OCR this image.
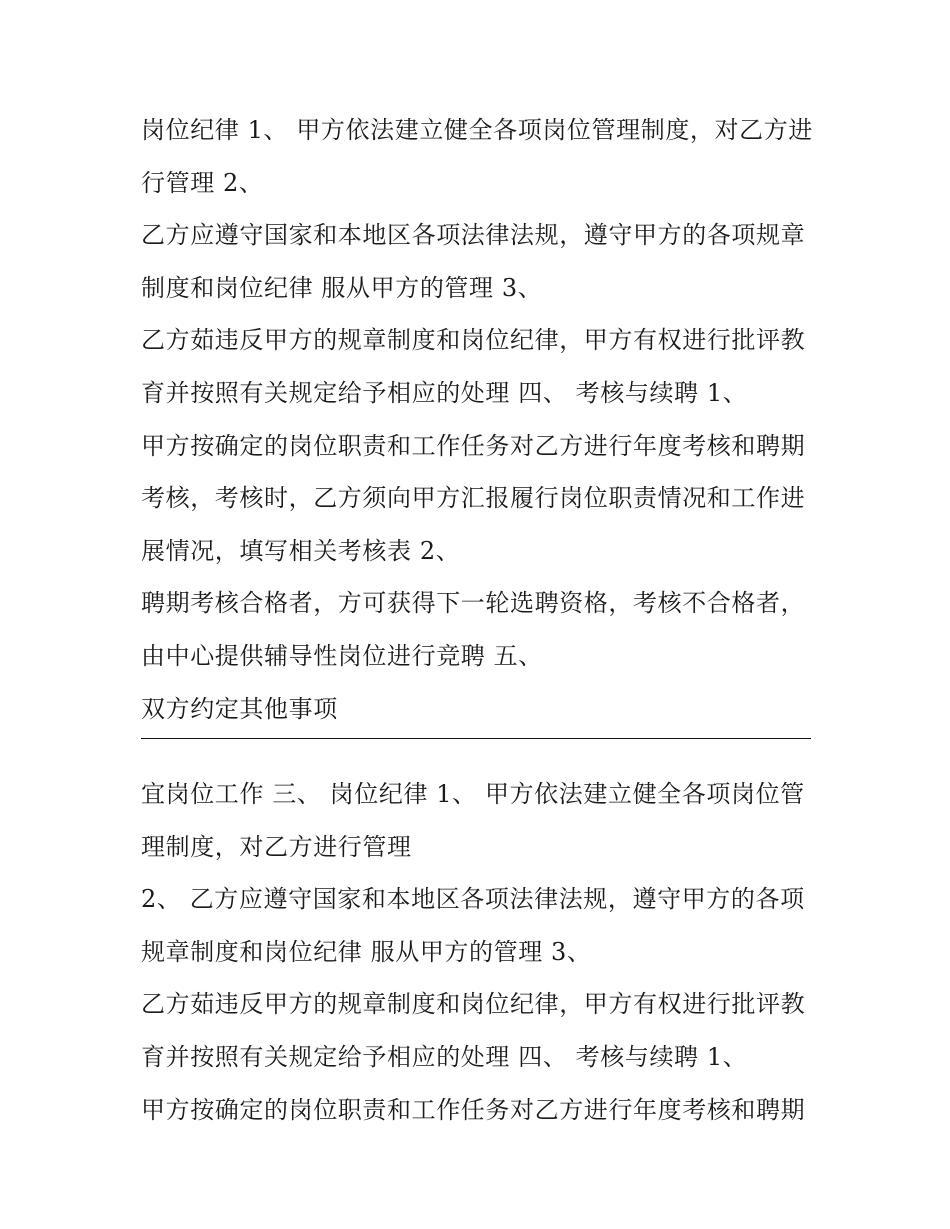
岗位纪律 1、 甲方依法建立健全各项岗位管理制度，对乙方进
行管理 2、
乙方应遵守国家和本地区各项法律法规，遵守甲方的各项规章
制度和岗位纪律 服从甲方的管理 3、
乙方茹违反甲方的规章制度和岗位纪律，甲方有权进行批评教
育并按照有关规定给予相应的处理 四、 考核与续聘 1、
甲方按确定的岗位职责和工作任务对乙方进行年度考核和聘期
考核，考核时，乙方须向甲方汇报履行岗位职责情况和工作进
展情况，填写相关考核表 2、
聘期考核合格者，方可获得下一轮选聘资格，考核不合格者，
由中心提供辅导性岗位进行竞聘 五、
双方约定其他事项
宜岗位工作 三、 岗位纪律 1、 甲方依法建立健全各项岗位管
理制度，对乙方进行管理
2、 乙方应遵守国家和本地区各项法律法规，遵守甲方的各项
规章制度和岗位纪律 服从甲方的管理 3、
乙方茹违反甲方的规章制度和岗位纪律，甲方有权进行批评教
育并按照有关规定给予相应的处理 四、 考核与续聘 1、
甲方按确定的岗位职责和工作任务对乙方进行年度考核和聘期
